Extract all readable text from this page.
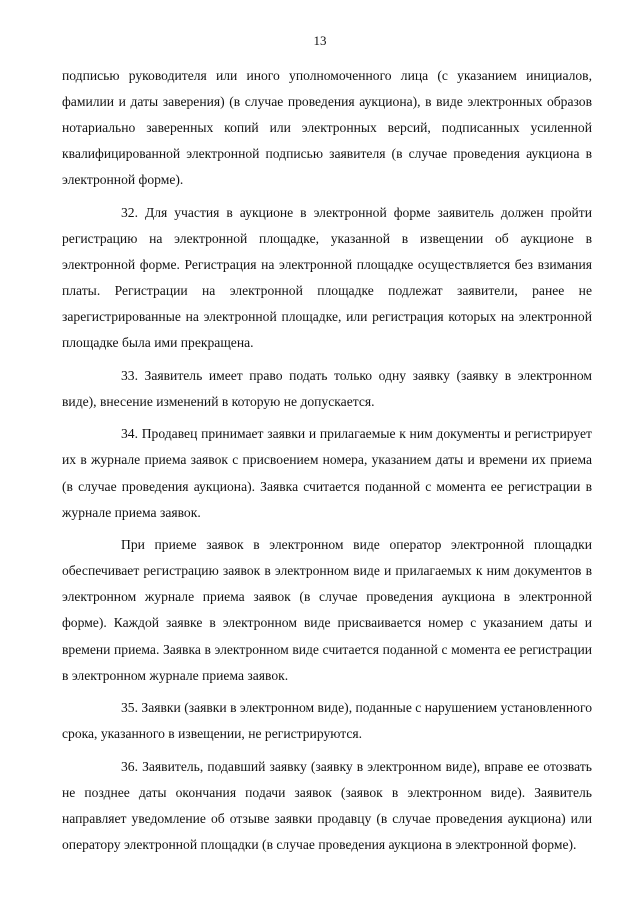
13

подписью руководителя или иного уполномоченного лица (с указанием инициалов, фамилии и даты заверения) (в случае проведения аукциона), в виде электронных образов нотариально заверенных копий или электронных версий, подписанных усиленной квалифицированной электронной подписью заявителя (в случае проведения аукциона в электронной форме).

32. Для участия в аукционе в электронной форме заявитель должен пройти регистрацию на электронной площадке, указанной в извещении об аукционе в электронной форме. Регистрация на электронной площадке осуществляется без взимания платы. Регистрации на электронной площадке подлежат заявители, ранее не зарегистрированные на электронной площадке, или регистрация которых на электронной площадке была ими прекращена.

33. Заявитель имеет право подать только одну заявку (заявку в электронном виде), внесение изменений в которую не допускается.

34. Продавец принимает заявки и прилагаемые к ним документы и регистрирует их в журнале приема заявок с присвоением номера, указанием даты и времени их приема (в случае проведения аукциона). Заявка считается поданной с момента ее регистрации в журнале приема заявок.

При приеме заявок в электронном виде оператор электронной площадки обеспечивает регистрацию заявок в электронном виде и прилагаемых к ним документов в электронном журнале приема заявок (в случае проведения аукциона в электронной форме). Каждой заявке в электронном виде присваивается номер с указанием даты и времени приема. Заявка в электронном виде считается поданной с момента ее регистрации в электронном журнале приема заявок.

35. Заявки (заявки в электронном виде), поданные с нарушением установленного срока, указанного в извещении, не регистрируются.

36. Заявитель, подавший заявку (заявку в электронном виде), вправе ее отозвать не позднее даты окончания подачи заявок (заявок в электронном виде). Заявитель направляет уведомление об отзыве заявки продавцу (в случае проведения аукциона) или оператору электронной площадки (в случае проведения аукциона в электронной форме).
